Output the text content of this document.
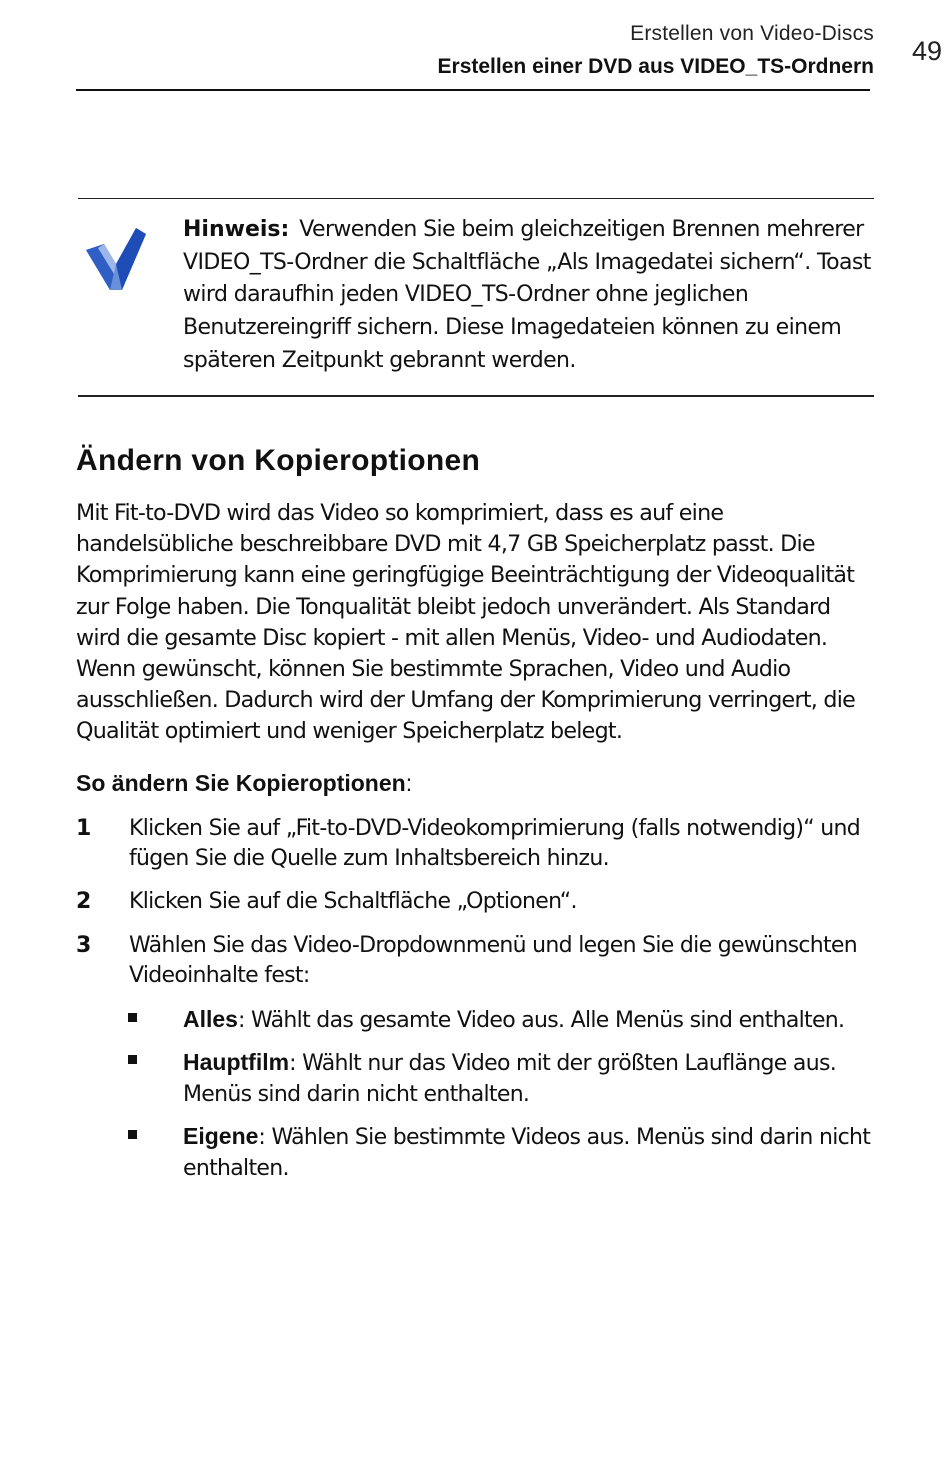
Erstellen von Video-Discs
Erstellen einer DVD aus VIDEO_TS-Ordnern
49
Hinweis: Verwenden Sie beim gleichzeitigen Brennen mehrerer VIDEO_TS-Ordner die Schaltfläche „Als Imagedatei sichern“. Toast wird daraufhin jeden VIDEO_TS-Ordner ohne jeglichen Benutzereingriff sichern. Diese Imagedateien können zu einem späteren Zeitpunkt gebrannt werden.
Ändern von Kopieroptionen
Mit Fit-to-DVD wird das Video so komprimiert, dass es auf eine handelsübliche beschreibbare DVD mit 4,7 GB Speicherplatz passt. Die Komprimierung kann eine geringfügige Beeinträchtigung der Videoqualität zur Folge haben. Die Tonqualität bleibt jedoch unverändert. Als Standard wird die gesamte Disc kopiert - mit allen Menüs, Video- und Audiodaten. Wenn gewünscht, können Sie bestimmte Sprachen, Video und Audio ausschließen. Dadurch wird der Umfang der Komprimierung verringert, die Qualität optimiert und weniger Speicherplatz belegt.
So ändern Sie Kopieroptionen:
1 Klicken Sie auf „Fit-to-DVD-Videokomprimierung (falls notwendig)“ und fügen Sie die Quelle zum Inhaltsbereich hinzu.
2 Klicken Sie auf die Schaltfläche „Optionen“.
3 Wählen Sie das Video-Dropdownmenü und legen Sie die gewünschten Videoinhalte fest:
Alles: Wählt das gesamte Video aus. Alle Menüs sind enthalten.
Hauptfilm: Wählt nur das Video mit der größten Lauflänge aus. Menüs sind darin nicht enthalten.
Eigene: Wählen Sie bestimmte Videos aus. Menüs sind darin nicht enthalten.
